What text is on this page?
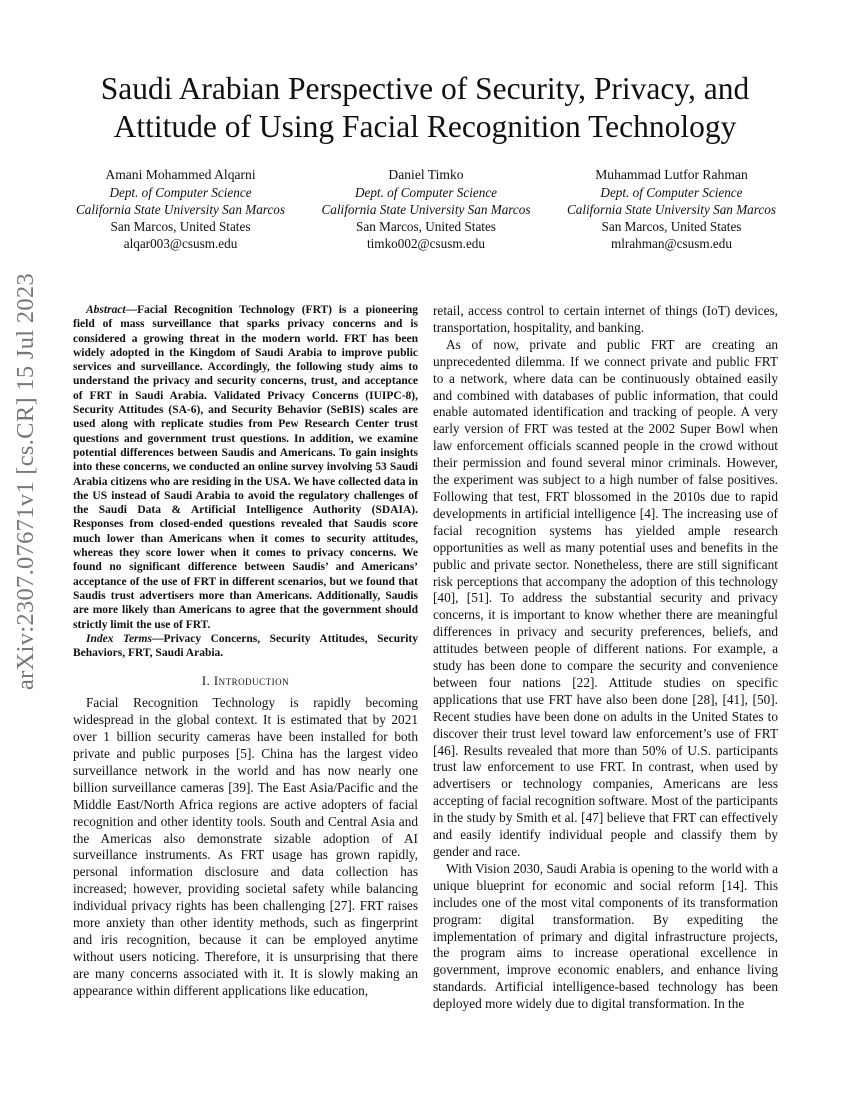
arXiv:2307.07671v1 [cs.CR] 15 Jul 2023
Saudi Arabian Perspective of Security, Privacy, and Attitude of Using Facial Recognition Technology
Amani Mohammed Alqarni
Dept. of Computer Science
California State University San Marcos
San Marcos, United States
alqar003@csusm.edu
Daniel Timko
Dept. of Computer Science
California State University San Marcos
San Marcos, United States
timko002@csusm.edu
Muhammad Lutfor Rahman
Dept. of Computer Science
California State University San Marcos
San Marcos, United States
mlrahman@csusm.edu

Abstract—Facial Recognition Technology (FRT) is a pioneering field of mass surveillance that sparks privacy concerns and is considered a growing threat in the modern world. FRT has been widely adopted in the Kingdom of Saudi Arabia to improve public services and surveillance. Accordingly, the following study aims to understand the privacy and security concerns, trust, and acceptance of FRT in Saudi Arabia. Validated Privacy Concerns (IUIPC-8), Security Attitudes (SA-6), and Security Behavior (SeBIS) scales are used along with replicate studies from Pew Research Center trust questions and government trust questions. In addition, we examine potential differences between Saudis and Americans. To gain insights into these concerns, we conducted an online survey involving 53 Saudi Arabia citizens who are residing in the USA. We have collected data in the US instead of Saudi Arabia to avoid the regulatory challenges of the Saudi Data & Artificial Intelligence Authority (SDAIA). Responses from closed-ended questions revealed that Saudis score much lower than Americans when it comes to security attitudes, whereas they score lower when it comes to privacy concerns. We found no significant difference between Saudis’ and Americans’ acceptance of the use of FRT in different scenarios, but we found that Saudis trust advertisers more than Americans. Additionally, Saudis are more likely than Americans to agree that the government should strictly limit the use of FRT.

Index Terms—Privacy Concerns, Security Attitudes, Security Behaviors, FRT, Saudi Arabia.

I. Introduction

Facial Recognition Technology is rapidly becoming widespread in the global context. It is estimated that by 2021 over 1 billion security cameras have been installed for both private and public purposes [5]. China has the largest video surveillance network in the world and has now nearly one billion surveillance cameras [39]. The East Asia/Pacific and the Middle East/North Africa regions are active adopters of facial recognition and other identity tools. South and Central Asia and the Americas also demonstrate sizable adoption of AI surveillance instruments. As FRT usage has grown rapidly, personal information disclosure and data collection has increased; however, providing societal safety while balancing individual privacy rights has been challenging [27]. FRT raises more anxiety than other identity methods, such as fingerprint and iris recognition, because it can be employed anytime without users noticing. Therefore, it is unsurprising that there are many concerns associated with it. It is slowly making an appearance within different applications like education,

retail, access control to certain internet of things (IoT) devices, transportation, hospitality, and banking.

As of now, private and public FRT are creating an unprecedented dilemma. If we connect private and public FRT to a network, where data can be continuously obtained easily and combined with databases of public information, that could enable automated identification and tracking of people. A very early version of FRT was tested at the 2002 Super Bowl when law enforcement officials scanned people in the crowd without their permission and found several minor criminals. However, the experiment was subject to a high number of false positives. Following that test, FRT blossomed in the 2010s due to rapid developments in artificial intelligence [4]. The increasing use of facial recognition systems has yielded ample research opportunities as well as many potential uses and benefits in the public and private sector. Nonetheless, there are still significant risk perceptions that accompany the adoption of this technology [40], [51]. To address the substantial security and privacy concerns, it is important to know whether there are meaningful differences in privacy and security preferences, beliefs, and attitudes between people of different nations. For example, a study has been done to compare the security and convenience between four nations [22]. Attitude studies on specific applications that use FRT have also been done [28], [41], [50]. Recent studies have been done on adults in the United States to discover their trust level toward law enforcement’s use of FRT [46]. Results revealed that more than 50% of U.S. participants trust law enforcement to use FRT. In contrast, when used by advertisers or technology companies, Americans are less accepting of facial recognition software. Most of the participants in the study by Smith et al. [47] believe that FRT can effectively and easily identify individual people and classify them by gender and race.

With Vision 2030, Saudi Arabia is opening to the world with a unique blueprint for economic and social reform [14]. This includes one of the most vital components of its transformation program: digital transformation. By expediting the implementation of primary and digital infrastructure projects, the program aims to increase operational excellence in government, improve economic enablers, and enhance living standards. Artificial intelligence-based technology has been deployed more widely due to digital transformation. In the
